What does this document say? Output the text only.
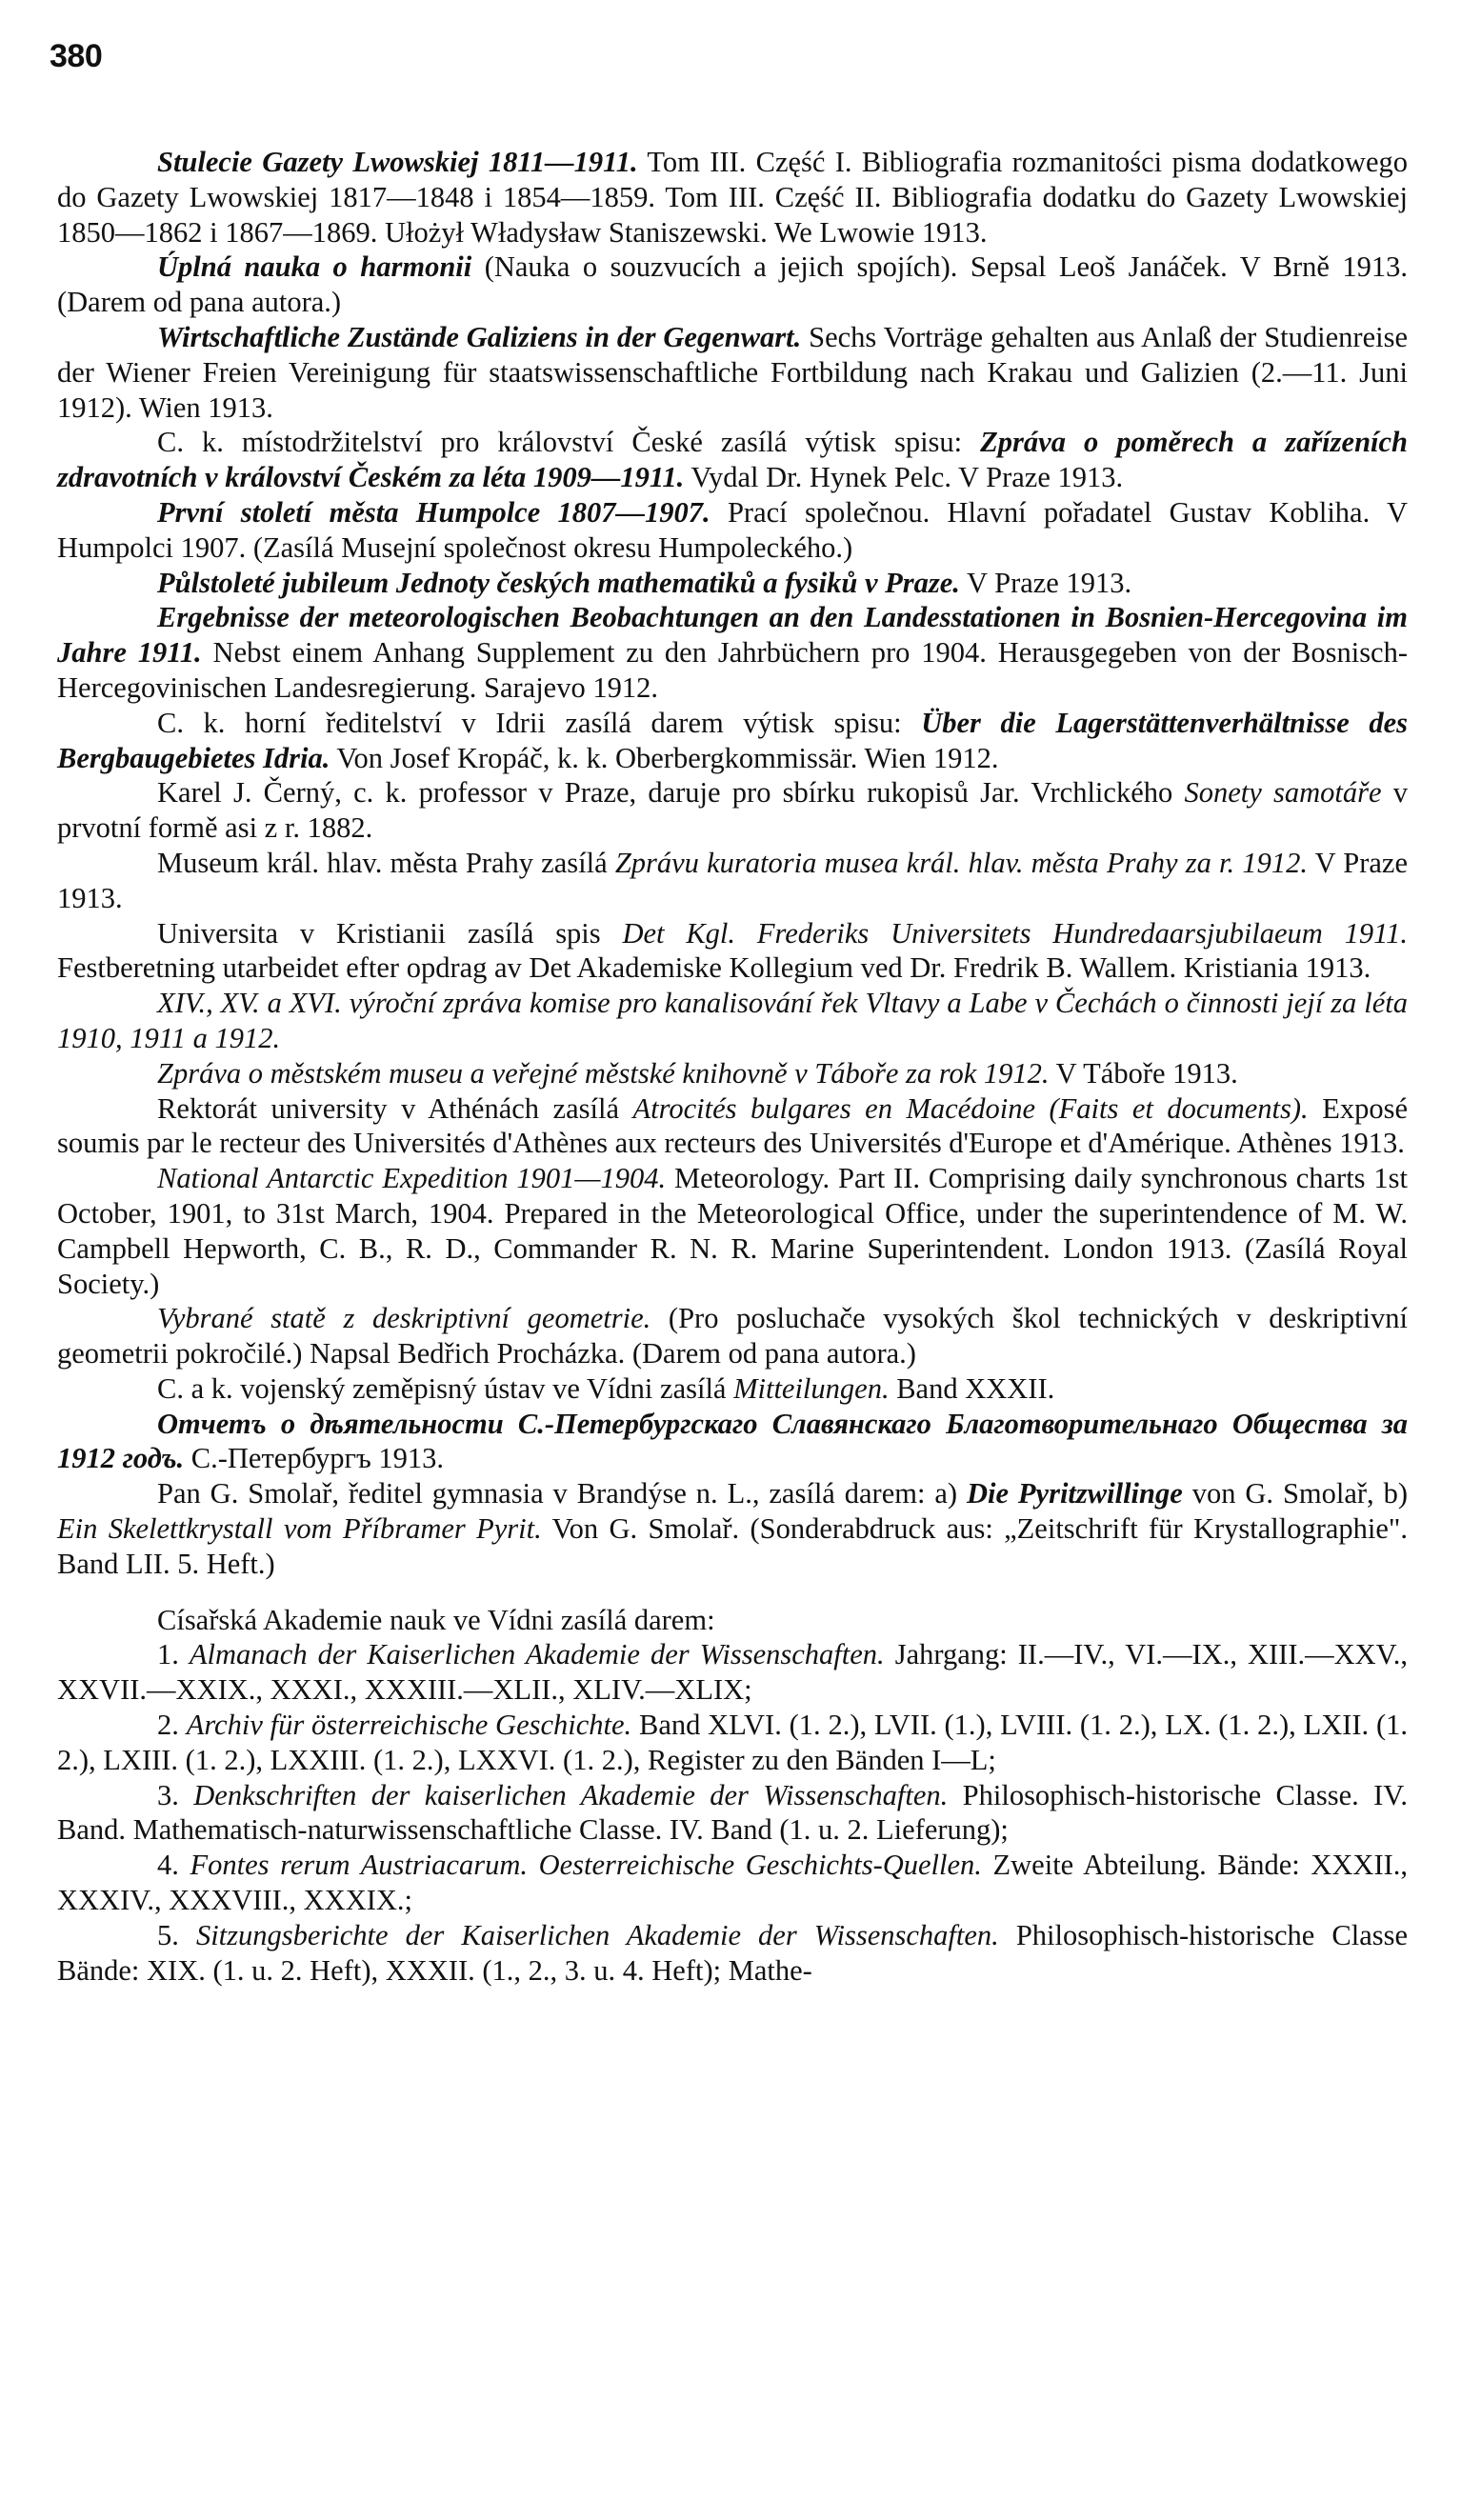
380

Stulecie Gazety Lwowskiej 1811—1911. Tom III. Część I. Bibliografia rozmanitości pisma dodatkowego do Gazety Lwowskiej 1817—1848 i 1854—1859. Tom III. Część II. Bibliografia dodatku do Gazety Lwowskiej 1850—1862 i 1867—1869. Ułożył Władysław Staniszewski. We Lwowie 1913.

Úplná nauka o harmonii (Nauka o souzvucích a jejich spojích). Sepsal Leoš Janáček. V Brně 1913. (Darem od pana autora.)

Wirtschaftliche Zustände Galiziens in der Gegenwart. Sechs Vorträge gehalten aus Anlaß der Studienreise der Wiener Freien Vereinigung für staatswissenschaftliche Fortbildung nach Krakau und Galizien (2.—11. Juni 1912). Wien 1913.

C. k. místodržitelství pro království České zasílá výtisk spisu: Zpráva o poměrech a zařízeních zdravotních v království Českém za léta 1909—1911. Vydal Dr. Hynek Pelc. V Praze 1913.

První století města Humpolce 1807—1907. Prací společnou. Hlavní pořadatel Gustav Kobliha. V Humpolci 1907. (Zasílá Musejní společnost okresu Humpoleckého.)

Půlstoleté jubileum Jednoty českých mathematiků a fysiků v Praze. V Praze 1913.

Ergebnisse der meteorologischen Beobachtungen an den Landesstationen in Bosnien-Hercegovina im Jahre 1911. Nebst einem Anhang Supplement zu den Jahrbüchern pro 1904. Herausgegeben von der Bosnisch-Hercegovinischen Landesregierung. Sarajevo 1912.

C. k. horní ředitelství v Idrii zasílá darem výtisk spisu: Über die Lagerstättenverhältnisse des Bergbaugebietes Idria. Von Josef Kropáč, k. k. Oberbergkommissär. Wien 1912.

Karel J. Černý, c. k. professor v Praze, daruje pro sbírku rukopisů Jar. Vrchlického Sonety samotáře v prvotní formě asi z r. 1882.

Museum král. hlav. města Prahy zasílá Zprávu kuratoria musea král. hlav. města Prahy za r. 1912. V Praze 1913.

Universita v Kristianii zasílá spis Det Kgl. Frederiks Universitets Hundredaarsjubilaeum 1911. Festberetning utarbeidet efter opdrag av Det Akademiske Kollegium ved Dr. Fredrik B. Wallem. Kristiania 1913.

XIV., XV. a XVI. výroční zpráva komise pro kanalisování řek Vltavy a Labe v Čechách o činnosti její za léta 1910, 1911 a 1912.

Zpráva o městském museu a veřejné městské knihovně v Táboře za rok 1912. V Táboře 1913.

Rektorát university v Athénách zasílá Atrocités bulgares en Macédoine (Faits et documents). Exposé soumis par le recteur des Universités d'Athènes aux recteurs des Universités d'Europe et d'Amérique. Athènes 1913.

National Antarctic Expedition 1901—1904. Meteorology. Part II. Comprising daily synchronous charts 1st October, 1901, to 31st March, 1904. Prepared in the Meteorological Office, under the superintendence of M. W. Campbell Hepworth, C. B., R. D., Commander R. N. R. Marine Superintendent. London 1913. (Zasílá Royal Society.)

Vybrané statě z deskriptivní geometrie. (Pro posluchače vysokých škol technických v deskriptivní geometrii pokročilé.) Napsal Bedřich Procházka. (Darem od pana autora.)

C. a k. vojenský zeměpisný ústav ve Vídni zasílá Mitteilungen. Band XXXII.

Отчетъ о дѣятельности С.-Петербургскаго Славянскаго Благотворительнаго Общества за 1912 годъ. С.-Петербургъ 1913.

Pan G. Smolař, ředitel gymnasia v Brandýse n. L., zasílá darem: a) Die Pyritzwillinge von G. Smolař, b) Ein Skelettkrystall vom Příbramer Pyrit. Von G. Smolař. (Sonderabdruck aus: „Zeitschrift für Krystallographie". Band LII. 5. Heft.)

Císařská Akademie nauk ve Vídni zasílá darem:

1. Almanach der Kaiserlichen Akademie der Wissenschaften. Jahrgang: II.—IV., VI.—IX., XIII.—XXV., XXVII.—XXIX., XXXI., XXXIII.—XLII., XLIV.—XLIX;

2. Archiv für österreichische Geschichte. Band XLVI. (1. 2.), LVII. (1.), LVIII. (1. 2.), LX. (1. 2.), LXII. (1. 2.), LXIII. (1. 2.), LXXIII. (1. 2.), LXXVI. (1. 2.), Register zu den Bänden I—L;

3. Denkschriften der kaiserlichen Akademie der Wissenschaften. Philosophisch-historische Classe. IV. Band. Mathematisch-naturwissenschaftliche Classe. IV. Band (1. u. 2. Lieferung);

4. Fontes rerum Austriacarum. Oesterreichische Geschichts-Quellen. Zweite Abteilung. Bände: XXXII., XXXIV., XXXVIII., XXXIX.;

5. Sitzungsberichte der Kaiserlichen Akademie der Wissenschaften. Philosophisch-historische Classe Bände: XIX. (1. u. 2. Heft), XXXII. (1., 2., 3. u. 4. Heft); Mathe-
